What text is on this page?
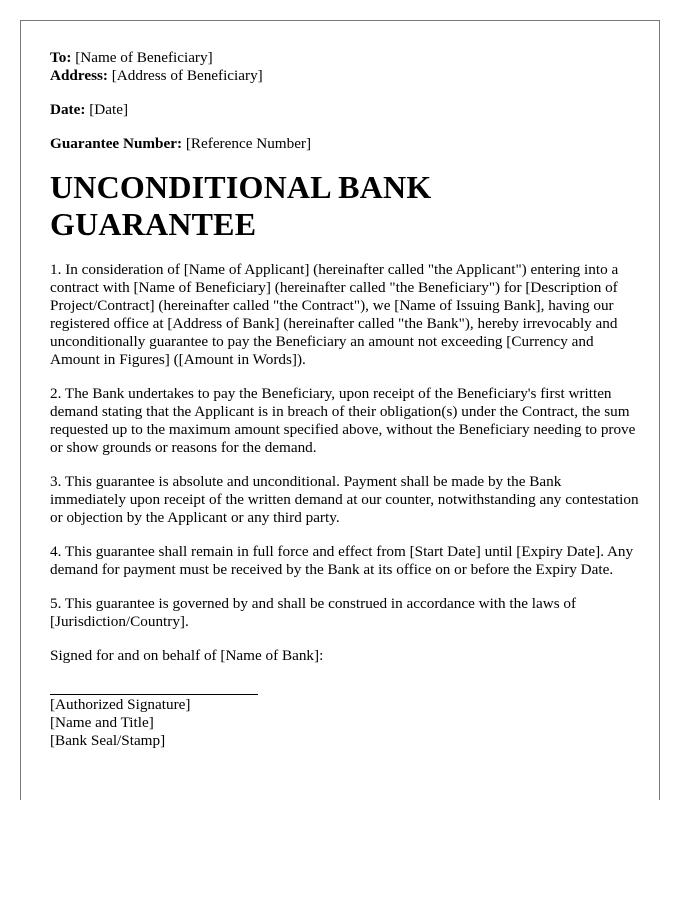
To: [Name of Beneficiary]
Address: [Address of Beneficiary]
Date: [Date]
Guarantee Number: [Reference Number]
UNCONDITIONAL BANK
GUARANTEE

1. In consideration of [Name of Applicant] (hereinafter called "the Applicant") entering into a contract with [Name of Beneficiary] (hereinafter called "the Beneficiary") for [Description of Project/Contract] (hereinafter called "the Contract"), we [Name of Issuing Bank], having our registered office at [Address of Bank] (hereinafter called "the Bank"), hereby irrevocably and unconditionally guarantee to pay the Beneficiary an amount not exceeding [Currency and Amount in Figures] ([Amount in Words]).

2. The Bank undertakes to pay the Beneficiary, upon receipt of the Beneficiary's first written demand stating that the Applicant is in breach of their obligation(s) under the Contract, the sum requested up to the maximum amount specified above, without the Beneficiary needing to prove or show grounds or reasons for the demand.

3. This guarantee is absolute and unconditional. Payment shall be made by the Bank immediately upon receipt of the written demand at our counter, notwithstanding any contestation or objection by the Applicant or any third party.

4. This guarantee shall remain in full force and effect from [Start Date] until [Expiry Date]. Any demand for payment must be received by the Bank at its office on or before the Expiry Date.

5. This guarantee is governed by and shall be construed in accordance with the laws of [Jurisdiction/Country].

Signed for and on behalf of [Name of Bank]:

[Authorized Signature]
[Name and Title]
[Bank Seal/Stamp]
